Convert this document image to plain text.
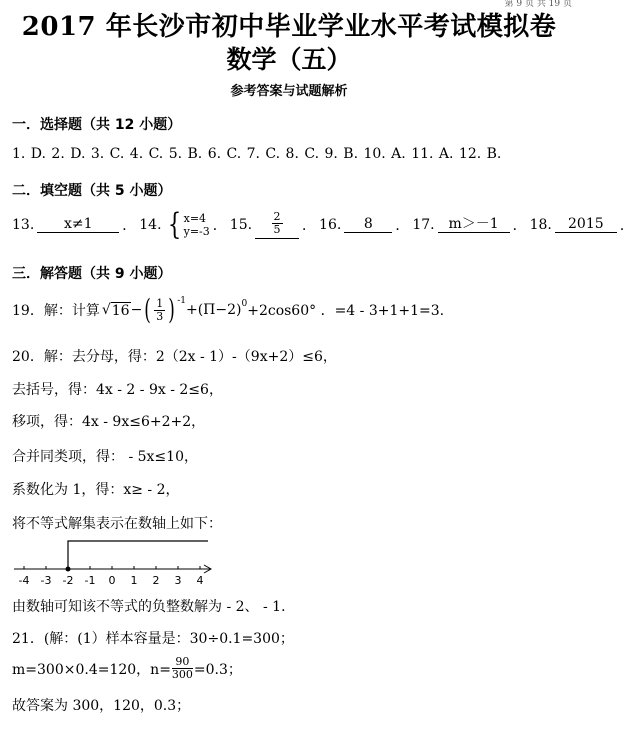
第 9 页 共 19 页
2017 年长沙市初中毕业学业水平考试模拟卷
数学（五）
参考答案与试题解析
一．选择题（共 12 小题）
1. D. 2. D. 3. C. 4. C. 5. B. 6. C. 7. C. 8. C. 9. B. 10. A. 11. A. 12. B.
二．填空题（共 5 小题）
13.	x≠1	． 14. { x=4
y=-3 ． 15. $\frac{2}{5}$ ． 16.	8	． 17. m＞－1 ． 18.	2015	．
三．解答题（共 9 小题）
19．解：计算 √ 16 − ( $\frac{1}{3}$ ) -1
+(Π−2) 0 +2cos60° ．=4 - 3+1+1=3.
20．解：去分母，得：2（2x - 1）-（9x+2）≤6，
去括号，得：4x - 2 - 9x - 2≤6，
移项，得：4x - 9x≤6+2+2，
合并同类项，得： - 5x≤10，
系数化为 1，得：x≥ - 2，
将不等式解集表示在数轴上如下：
-4 -3 -2 -1 0 1 2 3 4
由数轴可知该不等式的负整数解为 - 2、 - 1．
21．(解：(1）样本容量是：30÷0.1=300；
m=300×0.4=120，$n= \frac{90}{300} =0.3$；
故答案为 300，120，0.3；
